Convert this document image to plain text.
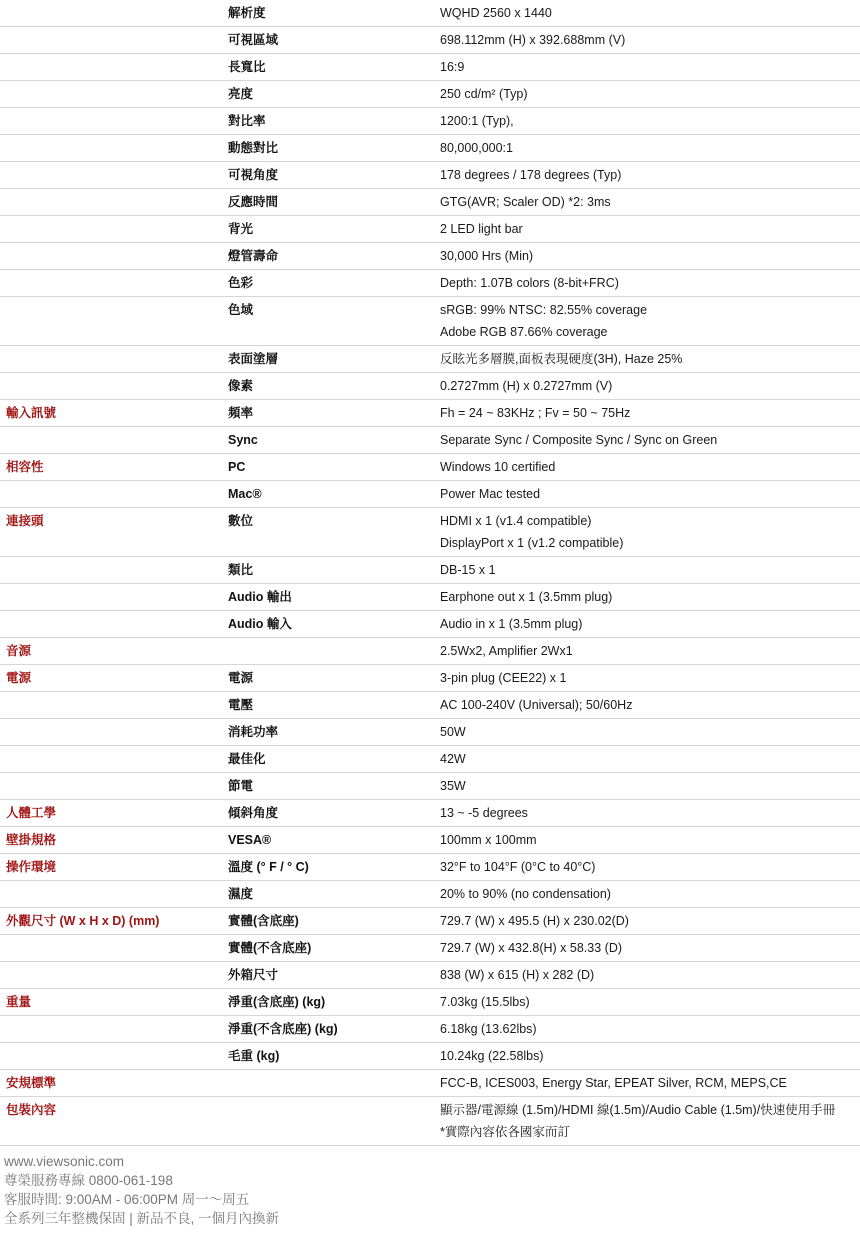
	解析度	WQHD 2560 x 1440

	可視區域	698.112mm (H) x 392.688mm (V)

	長寬比	16:9

	亮度	250 cd/m² (Typ)

	對比率	1200:1 (Typ),

	動態對比	80,000,000:1

	可視角度	178 degrees / 178 degrees (Typ)

	反應時間	GTG(AVR; Scaler OD) *2: 3ms

	背光	2 LED light bar

	燈管壽命	30,000 Hrs (Min)

	色彩	Depth: 1.07B colors (8-bit+FRC)

	色域	sRGB: 99% NTSC: 82.55% coverage
Adobe RGB 87.66% coverage

	表面塗層	反眩光多層膜,面板表現硬度(3H), Haze 25%

	像素	0.2727mm (H) x 0.2727mm (V)

輸入訊號	頻率	Fh = 24 ~ 83KHz ; Fv = 50 ~ 75Hz

	Sync	Separate Sync / Composite Sync / Sync on Green

相容性	PC	Windows 10 certified

	Mac®	Power Mac tested

連接頭	數位	HDMI x 1 (v1.4 compatible)
DisplayPort x 1 (v1.2 compatible)

	類比	DB-15 x 1

	Audio 輸出	Earphone out x 1 (3.5mm plug)

	Audio 輸入	Audio in x 1 (3.5mm plug)

音源		2.5Wx2, Amplifier 2Wx1

電源	電源	3-pin plug (CEE22) x 1

	電壓	AC 100-240V (Universal); 50/60Hz

	消耗功率	50W

	最佳化	42W

	節電	35W

人體工學	傾斜角度	13 ~ -5 degrees

壁掛規格	VESA®	100mm x 100mm

操作環境	溫度 (° F / ° C)	32°F to 104°F (0°C to 40°C)

	濕度	20% to 90% (no condensation)

外觀尺寸 (W x H x D) (mm)	實體(含底座)	729.7 (W) x 495.5 (H) x 230.02(D)

	實體(不含底座)	729.7 (W) x 432.8(H) x 58.33 (D)

	外箱尺寸	838 (W) x 615 (H) x 282 (D)

重量	淨重(含底座) (kg)	7.03kg (15.5lbs)

	淨重(不含底座) (kg)	6.18kg (13.62lbs)

	毛重 (kg)	10.24kg (22.58lbs)

安規標準		FCC-B, ICES003, Energy Star, EPEAT Silver, RCM, MEPS,CE

包裝內容		顯示器/電源線 (1.5m)/HDMI 線(1.5m)/Audio Cable (1.5m)/快速使用手冊
*實際內容依各國家而訂
www.viewsonic.com
尊榮服務專線 0800-061-198
客服時間: 9:00AM - 06:00PM 周一～周五
全系列三年整機保固 | 新品不良, 一個月內換新
